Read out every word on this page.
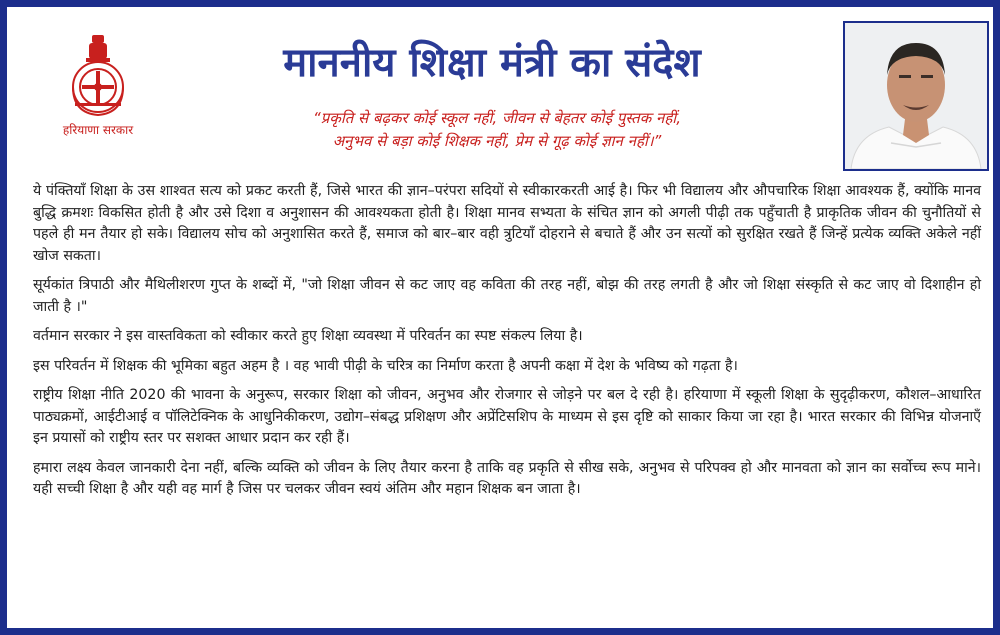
हरियाणा सरकार
माननीय शिक्षा मंत्री का संदेश
“प्रकृति से बढ़कर कोई स्कूल नहीं, जीवन से बेहतर कोई पुस्तक नहीं,
अनुभव से बड़ा कोई शिक्षक नहीं, प्रेम से गूढ़ कोई ज्ञान नहीं।”

ये पंक्तियाँ शिक्षा के उस शाश्वत सत्य को प्रकट करती हैं, जिसे भारत की ज्ञान–परंपरा सदियों से स्वीकारकरती आई है। फिर भी विद्यालय और औपचारिक शिक्षा आवश्यक हैं, क्योंकि मानव बुद्धि क्रमशः विकसित होती है और उसे दिशा व अनुशासन की आवश्यकता होती है। शिक्षा मानव सभ्यता के संचित ज्ञान को अगली पीढ़ी तक पहुँचाती है प्राकृतिक जीवन की चुनौतियों से पहले ही मन तैयार हो सके। विद्यालय सोच को अनुशासित करते हैं, समाज को बार–बार वही त्रुटियाँ दोहराने से बचाते हैं और उन सत्यों को सुरक्षित रखते हैं जिन्हें प्रत्येक व्यक्ति अकेले नहीं खोज सकता।

सूर्यकांत त्रिपाठी और मैथिलीशरण गुप्त के शब्दों में, "जो शिक्षा जीवन से कट जाए वह कविता की तरह नहीं, बोझ की तरह लगती है और जो शिक्षा संस्कृति से कट जाए वो दिशाहीन हो जाती है ।"

वर्तमान सरकार ने इस वास्तविकता को स्वीकार करते हुए शिक्षा व्यवस्था में परिवर्तन का स्पष्ट संकल्प लिया है।

इस परिवर्तन में शिक्षक की भूमिका बहुत अहम है । वह भावी पीढ़ी के चरित्र का निर्माण करता है अपनी कक्षा में देश के भविष्य को गढ़ता है।

राष्ट्रीय शिक्षा नीति 2020 की भावना के अनुरूप, सरकार शिक्षा को जीवन, अनुभव और रोजगार से जोड़ने पर बल दे रही है। हरियाणा में स्कूली शिक्षा के सुदृढ़ीकरण, कौशल–आधारित पाठ्यक्रमों, आईटीआई व पॉलिटेक्निक के आधुनिकीकरण, उद्योग–संबद्ध प्रशिक्षण और अप्रेंटिसशिप के माध्यम से इस दृष्टि को साकार किया जा रहा है। भारत सरकार की विभिन्न योजनाएँ इन प्रयासों को राष्ट्रीय स्तर पर सशक्त आधार प्रदान कर रही हैं।

हमारा लक्ष्य केवल जानकारी देना नहीं, बल्कि व्यक्ति को जीवन के लिए तैयार करना है ताकि वह प्रकृति से सीख सके, अनुभव से परिपक्व हो और मानवता को ज्ञान का सर्वोच्च रूप माने। यही सच्ची शिक्षा है और यही वह मार्ग है जिस पर चलकर जीवन स्वयं अंतिम और महान शिक्षक बन जाता है।
